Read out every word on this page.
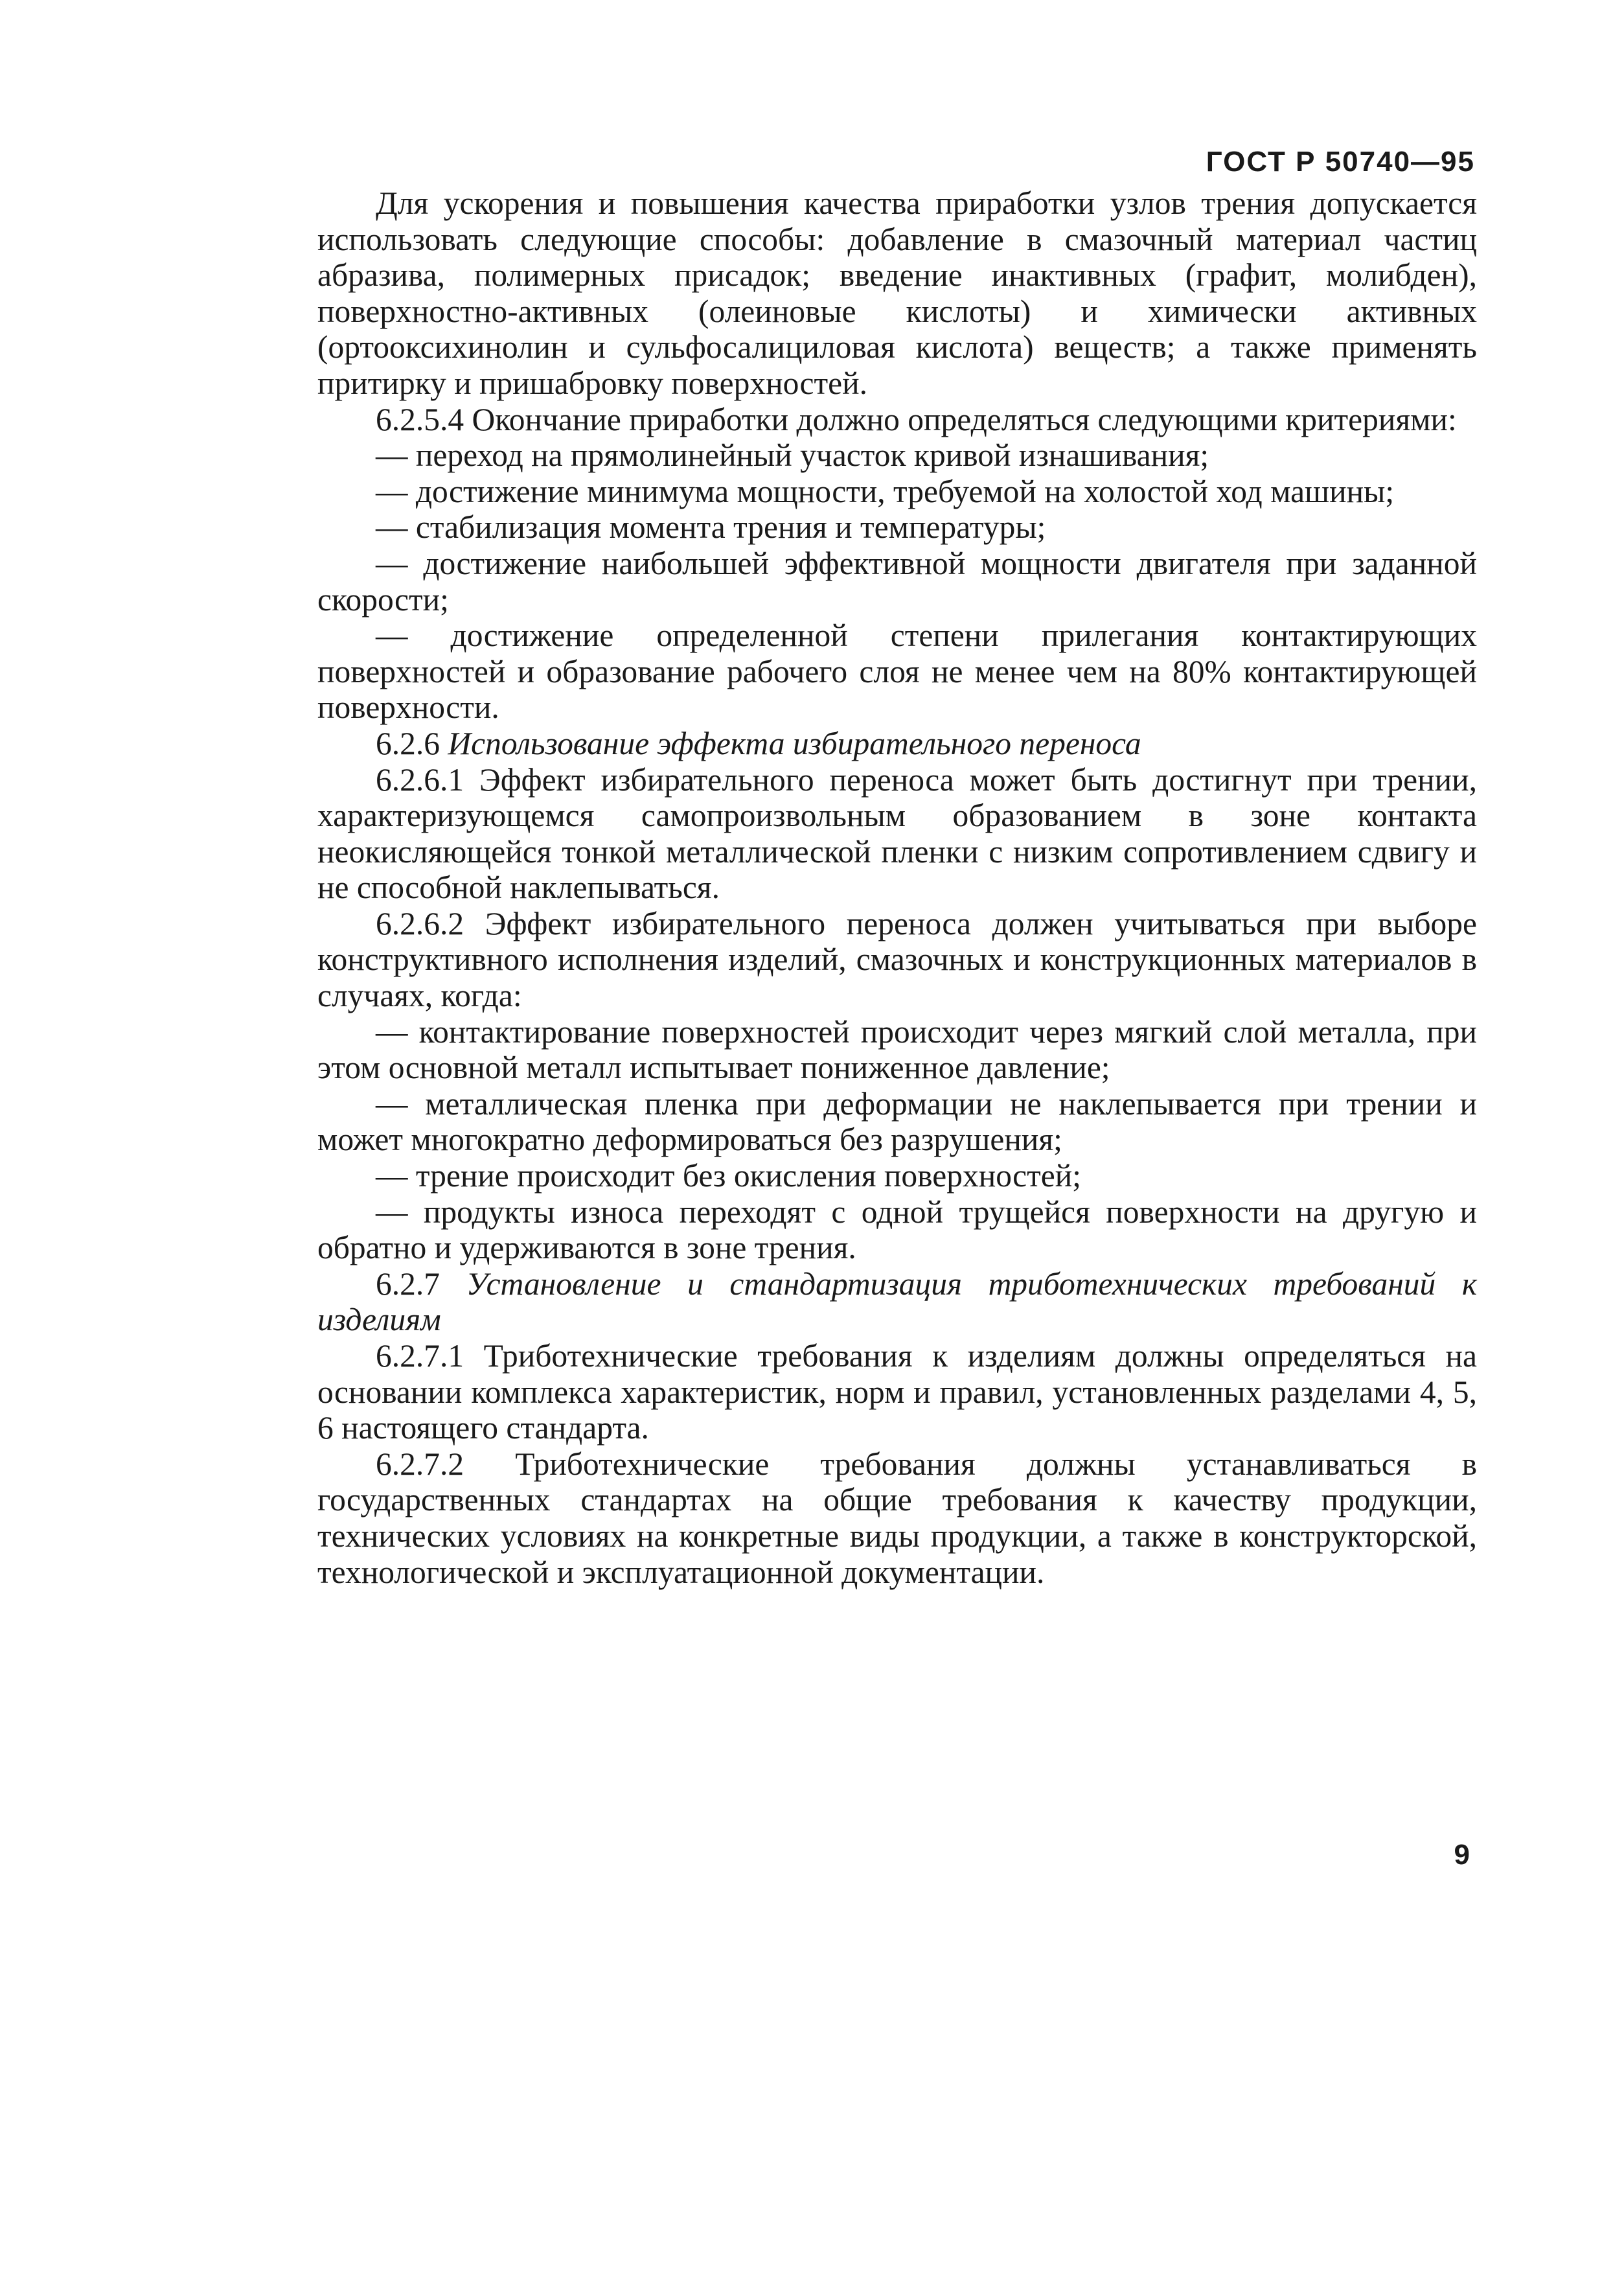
ГОСТ Р 50740—95

Для ускорения и повышения качества приработки узлов трения допускается использовать следующие способы: добавление в смазочный материал частиц абразива, полимерных присадок; введение инактивных (графит, молибден), поверхностно-активных (олеиновые кислоты) и химически активных (ортооксихинолин и сульфосалициловая кислота) веществ; а также применять притирку и пришабровку поверхностей.

6.2.5.4 Окончание приработки должно определяться следующими критериями:

— переход на прямолинейный участок кривой изнашивания;

— достижение минимума мощности, требуемой на холостой ход машины;

— стабилизация момента трения и температуры;

— достижение наибольшей эффективной мощности двигателя при заданной скорости;

— достижение определенной степени прилегания контактирующих поверхностей и образование рабочего слоя не менее чем на 80% контактирующей поверхности.

6.2.6 Использование эффекта избирательного переноса

6.2.6.1 Эффект избирательного переноса может быть достигнут при трении, характеризующемся самопроизвольным образованием в зоне контакта неокисляющейся тонкой металлической пленки с низким сопротивлением сдвигу и не способной наклепываться.

6.2.6.2 Эффект избирательного переноса должен учитываться при выборе конструктивного исполнения изделий, смазочных и конструкционных материалов в случаях, когда:

— контактирование поверхностей происходит через мягкий слой металла, при этом основной металл испытывает пониженное давление;

— металлическая пленка при деформации не наклепывается при трении и может многократно деформироваться без разрушения;

— трение происходит без окисления поверхностей;

— продукты износа переходят с одной трущейся поверхности на другую и обратно и удерживаются в зоне трения.

6.2.7 Установление и стандартизация триботехнических требований к изделиям

6.2.7.1 Триботехнические требования к изделиям должны определяться на основании комплекса характеристик, норм и правил, установленных разделами 4, 5, 6 настоящего стандарта.

6.2.7.2 Триботехнические требования должны устанавливаться в государственных стандартах на общие требования к качеству продукции, технических условиях на конкретные виды продукции, а также в конструкторской, технологической и эксплуатационной документации.

9
